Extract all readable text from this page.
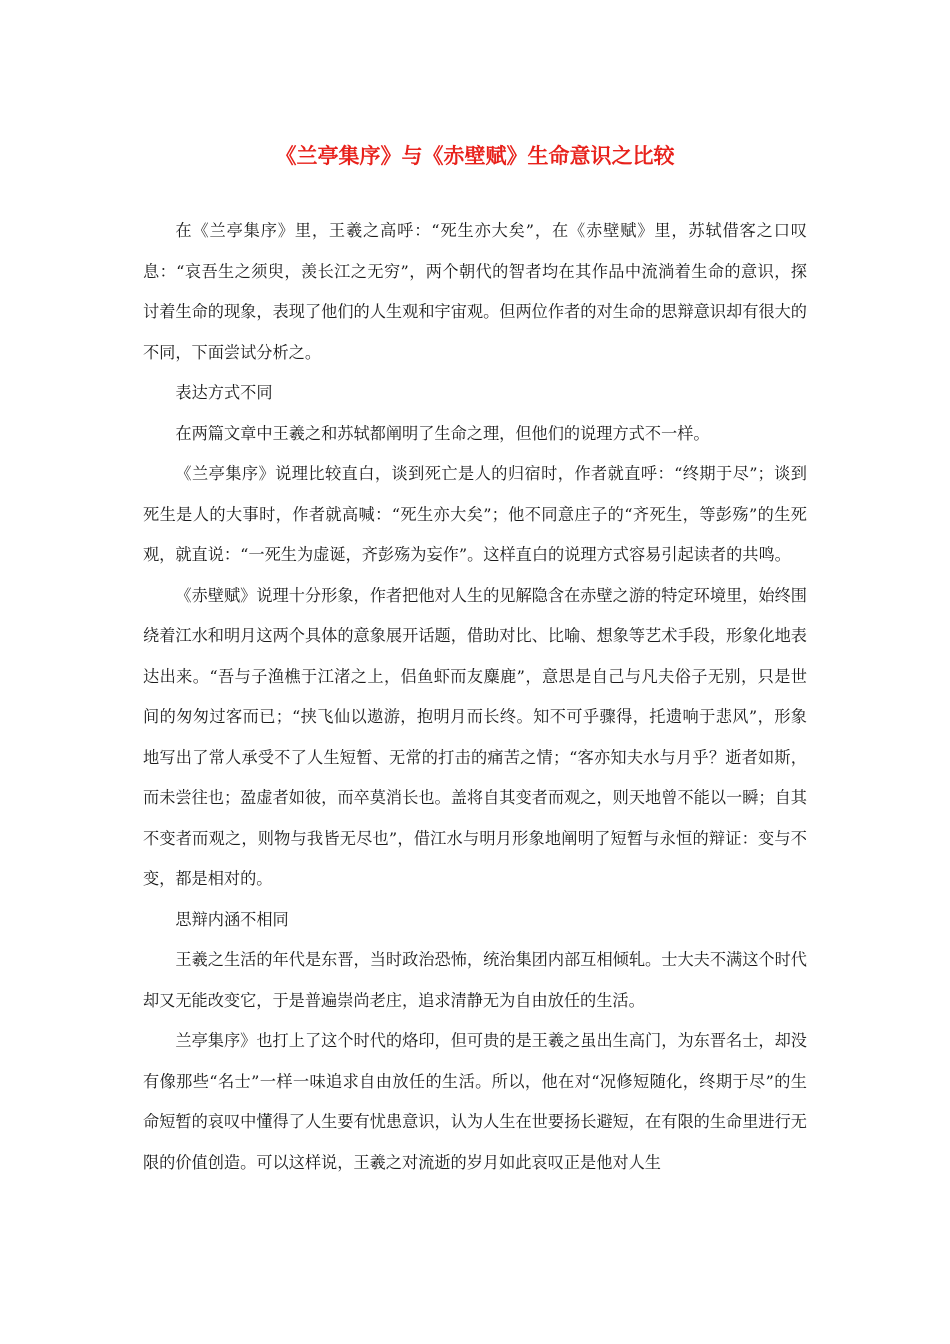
《兰亭集序》与《赤壁赋》生命意识之比较

在《兰亭集序》里，王羲之高呼：“死生亦大矣”，在《赤壁赋》里，苏轼借客之口叹息：“哀吾生之须臾，羡长江之无穷”，两个朝代的智者均在其作品中流淌着生命的意识，探讨着生命的现象，表现了他们的人生观和宇宙观。但两位作者的对生命的思辩意识却有很大的不同，下面尝试分析之。

表达方式不同

在两篇文章中王羲之和苏轼都阐明了生命之理，但他们的说理方式不一样。

《兰亭集序》说理比较直白，谈到死亡是人的归宿时，作者就直呼：“终期于尽”；谈到死生是人的大事时，作者就高喊：“死生亦大矣”；他不同意庄子的“齐死生，等彭殇”的生死观，就直说：“一死生为虚诞，齐彭殇为妄作”。这样直白的说理方式容易引起读者的共鸣。

《赤壁赋》说理十分形象，作者把他对人生的见解隐含在赤壁之游的特定环境里，始终围绕着江水和明月这两个具体的意象展开话题，借助对比、比喻、想象等艺术手段，形象化地表达出来。“吾与子渔樵于江渚之上，侣鱼虾而友麋鹿”，意思是自己与凡夫俗子无别，只是世间的匆匆过客而已；“挟飞仙以遨游，抱明月而长终。知不可乎骤得，托遗响于悲风”，形象地写出了常人承受不了人生短暂、无常的打击的痛苦之情；“客亦知夫水与月乎？逝者如斯，而未尝往也；盈虚者如彼，而卒莫消长也。盖将自其变者而观之，则天地曾不能以一瞬；自其不变者而观之，则物与我皆无尽也”，借江水与明月形象地阐明了短暂与永恒的辩证：变与不变，都是相对的。

思辩内涵不相同

王羲之生活的年代是东晋，当时政治恐怖，统治集团内部互相倾轧。士大夫不满这个时代却又无能改变它，于是普遍崇尚老庄，追求清静无为自由放任的生活。

兰亭集序》也打上了这个时代的烙印，但可贵的是王羲之虽出生高门，为东晋名士，却没有像那些“名士”一样一味追求自由放任的生活。所以，他在对“况修短随化，终期于尽”的生命短暂的哀叹中懂得了人生要有忧患意识，认为人生在世要扬长避短，在有限的生命里进行无限的价值创造。可以这样说，王羲之对流逝的岁月如此哀叹正是他对人生
